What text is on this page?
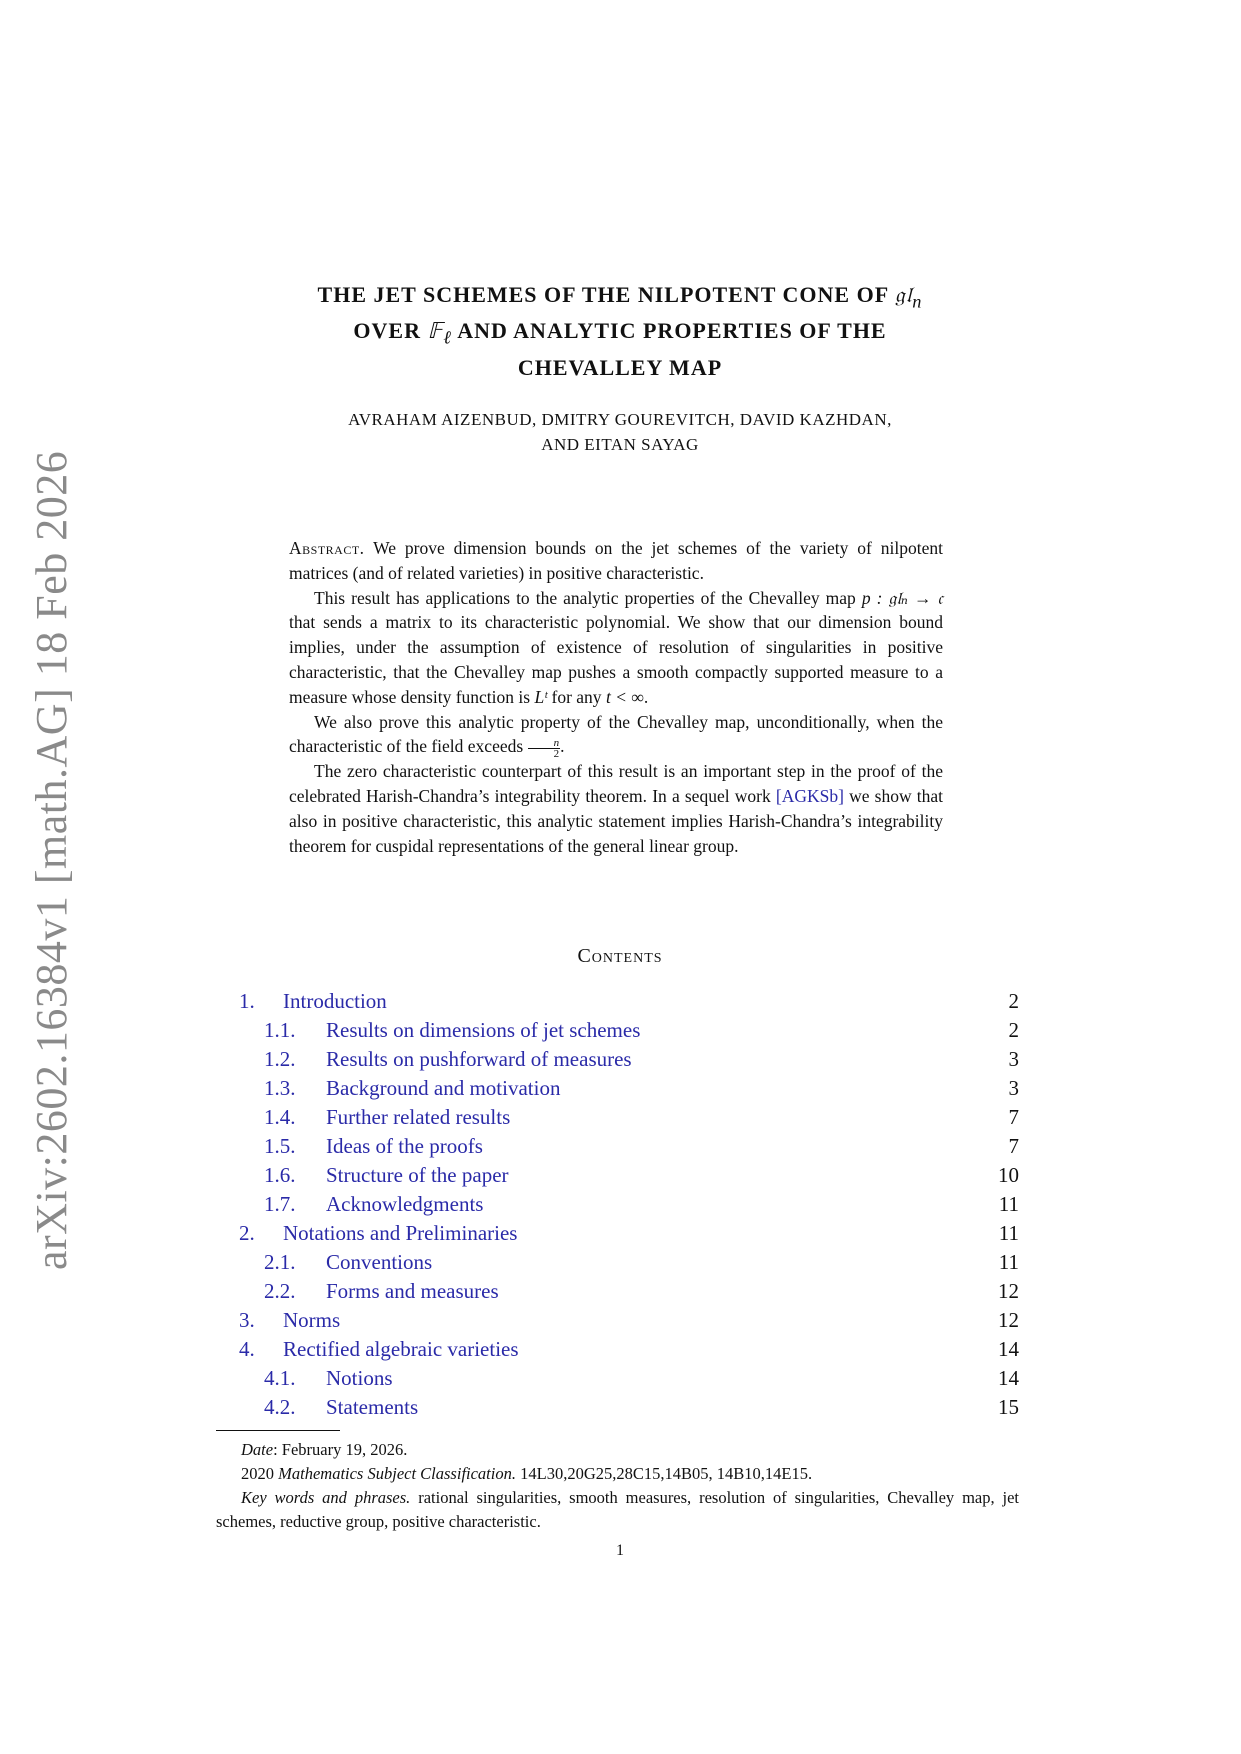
arXiv:2602.16384v1 [math.AG] 18 Feb 2026
THE JET SCHEMES OF THE NILPOTENT CONE OF 𝔤𝔩$_n$
OVER 𝔽$_\ell$ AND ANALYTIC PROPERTIES OF THE
CHEVALLEY MAP
AVRAHAM AIZENBUD, DMITRY GOUREVITCH, DAVID KAZHDAN,
AND EITAN SAYAG

Abstract. We prove dimension bounds on the jet schemes of the variety of nilpotent matrices (and of related varieties) in positive characteristic.

This result has applications to the analytic properties of the Chevalley map p : 𝔤𝔩ₙ → 𝔠 that sends a matrix to its characteristic polynomial. We show that our dimension bound implies, under the assumption of existence of resolution of singularities in positive characteristic, that the Chevalley map pushes a smooth compactly supported measure to a measure whose density function is Lᵗ for any t < ∞.

We also prove this analytic property of the Chevalley map, unconditionally, when the characteristic of the field exceeds $\frac{n}{2}$ .

The zero characteristic counterpart of this result is an important step in the proof of the celebrated Harish-Chandra’s integrability theorem. In a sequel work [AGKSb] we show that also in positive characteristic, this analytic statement implies Harish-Chandra’s integrability theorem for cuspidal representations of the general linear group.

Contents
1. Introduction	2
1.1. Results on dimensions of jet schemes	2
1.2. Results on pushforward of measures	3
1.3. Background and motivation	3
1.4. Further related results	7
1.5. Ideas of the proofs	7
1.6. Structure of the paper	10
1.7. Acknowledgments	11
2. Notations and Preliminaries	11
2.1. Conventions	11
2.2. Forms and measures	12
3. Norms	12
4. Rectified algebraic varieties	14
4.1. Notions	14
4.2. Statements	15

Date: February 19, 2026.

2020 Mathematics Subject Classification. 14L30,20G25,28C15,14B05, 14B10,14E15.

Key words and phrases. rational singularities, smooth measures, resolution of singularities, Chevalley map, jet schemes, reductive group, positive characteristic.

1
